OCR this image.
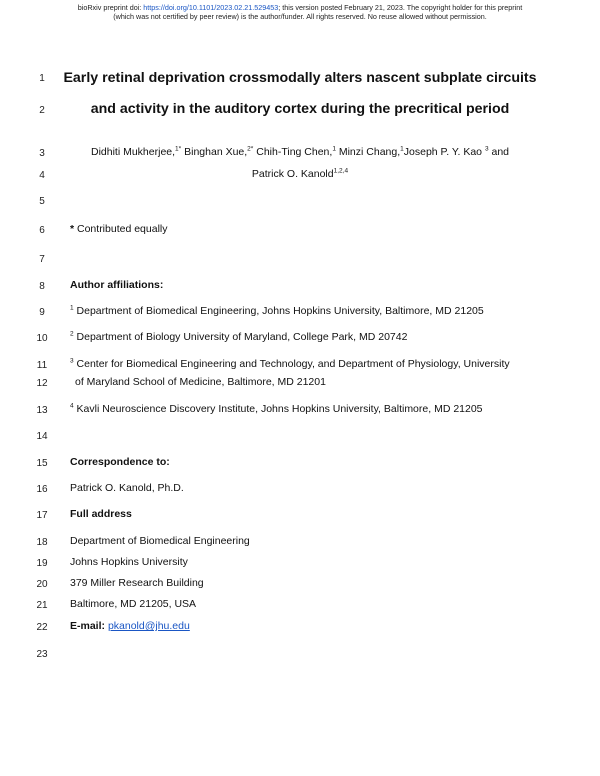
bioRxiv preprint doi: https://doi.org/10.1101/2023.02.21.529453; this version posted February 21, 2023. The copyright holder for this preprint
(which was not certified by peer review) is the author/funder. All rights reserved. No reuse allowed without permission.
1
2
3
4
5
6
7
8
9
10
11
12
13
14
15
16
17
18
19
20
21
22
23
Early retinal deprivation crossmodally alters nascent subplate circuits
and activity in the auditory cortex during the precritical period
Didhiti Mukherjee,$^{1*}$ Binghan Xue,$^{2*}$ Chih-Ting Chen,$^1$ Minzi Chang,$^1$Joseph P. Y. Kao $^3$ and
Patrick O. Kanold$^{1,2,4}$
* Contributed equally
Author affiliations:
$^1$ Department of Biomedical Engineering, Johns Hopkins University, Baltimore, MD 21205
$^2$ Department of Biology University of Maryland, College Park, MD 20742
$^3$ Center for Biomedical Engineering and Technology, and Department of Physiology, University
of Maryland School of Medicine, Baltimore, MD 21201
$^4$ Kavli Neuroscience Discovery Institute, Johns Hopkins University, Baltimore, MD 21205
Correspondence to:
Patrick O. Kanold, Ph.D.
Full address
Department of Biomedical Engineering
Johns Hopkins University
379 Miller Research Building
Baltimore, MD 21205, USA
E-mail: pkanold@jhu.edu
